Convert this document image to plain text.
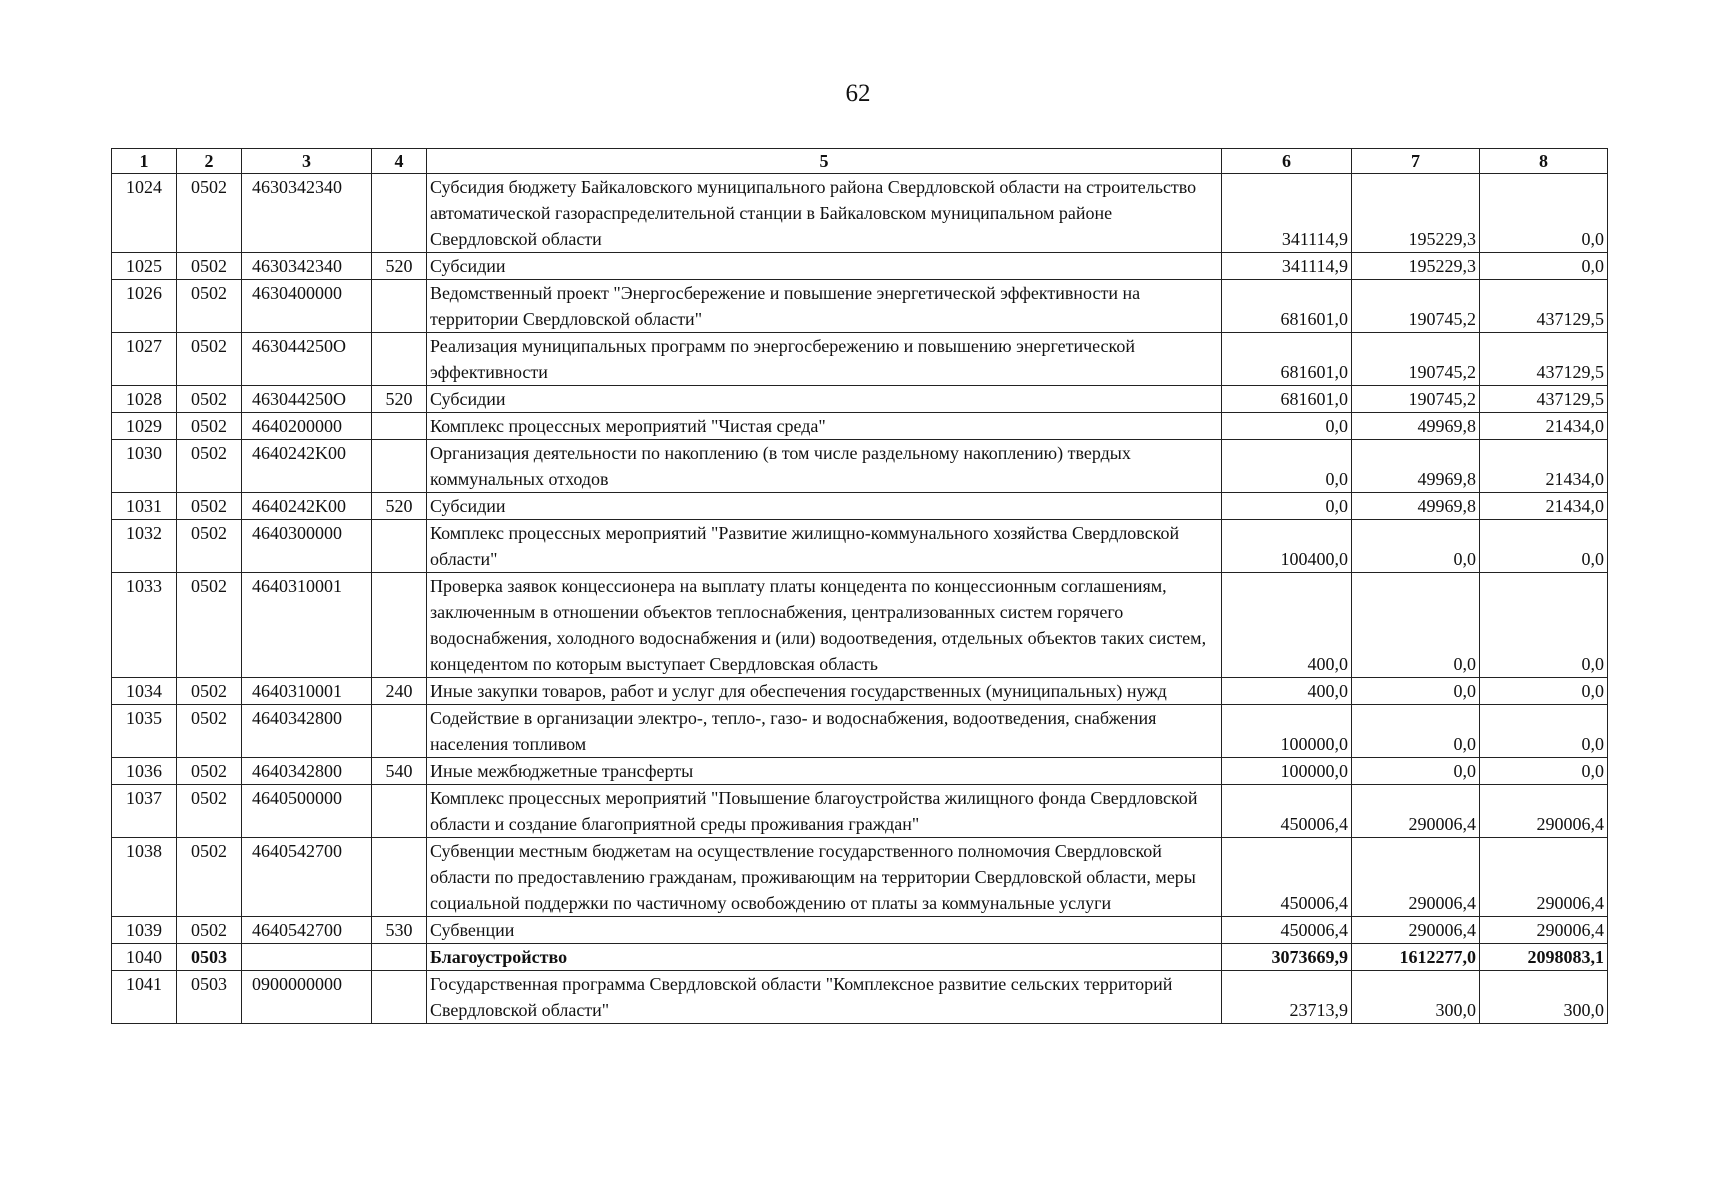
62
1	2	3	4	5	6	7	8
1024	0502	4630342340		Субсидия бюджету Байкаловского муниципального района Свердловской области на строительство автоматической газораспределительной станции в Байкаловском муниципальном районе Свердловской области	341114,9	195229,3	0,0
1025	0502	4630342340	520	Субсидии	341114,9	195229,3	0,0
1026	0502	4630400000		Ведомственный проект "Энергосбережение и повышение энергетической эффективности на территории Свердловской области"	681601,0	190745,2	437129,5
1027	0502	463044250О		Реализация муниципальных программ по энергосбережению и повышению энергетической эффективности	681601,0	190745,2	437129,5
1028	0502	463044250О	520	Субсидии	681601,0	190745,2	437129,5
1029	0502	4640200000		Комплекс процессных мероприятий "Чистая среда"	0,0	49969,8	21434,0
1030	0502	4640242K00		Организация деятельности по накоплению (в том числе раздельному накоплению) твердых коммунальных отходов	0,0	49969,8	21434,0
1031	0502	4640242K00	520	Субсидии	0,0	49969,8	21434,0
1032	0502	4640300000		Комплекс процессных мероприятий "Развитие жилищно-коммунального хозяйства Свердловской области"	100400,0	0,0	0,0
1033	0502	4640310001		Проверка заявок концессионера на выплату платы концедента по концессионным соглашениям, заключенным в отношении объектов теплоснабжения, централизованных систем горячего водоснабжения, холодного водоснабжения и (или) водоотведения, отдельных объектов таких систем, концедентом по которым выступает Свердловская область	400,0	0,0	0,0
1034	0502	4640310001	240	Иные закупки товаров, работ и услуг для обеспечения государственных (муниципальных) нужд	400,0	0,0	0,0
1035	0502	4640342800		Содействие в организации электро-, тепло-, газо- и водоснабжения, водоотведения, снабжения населения топливом	100000,0	0,0	0,0
1036	0502	4640342800	540	Иные межбюджетные трансферты	100000,0	0,0	0,0
1037	0502	4640500000		Комплекс процессных мероприятий "Повышение благоустройства жилищного фонда Свердловской области и создание благоприятной среды проживания граждан"	450006,4	290006,4	290006,4
1038	0502	4640542700		Субвенции местным бюджетам на осуществление государственного полномочия Свердловской области по предоставлению гражданам, проживающим на территории Свердловской области, меры социальной поддержки по частичному освобождению от платы за коммунальные услуги	450006,4	290006,4	290006,4
1039	0502	4640542700	530	Субвенции	450006,4	290006,4	290006,4
1040	0503			Благоустройство	3073669,9	1612277,0	2098083,1
1041	0503	0900000000		Государственная программа Свердловской области "Комплексное развитие сельских территорий Свердловской области"	23713,9	300,0	300,0
